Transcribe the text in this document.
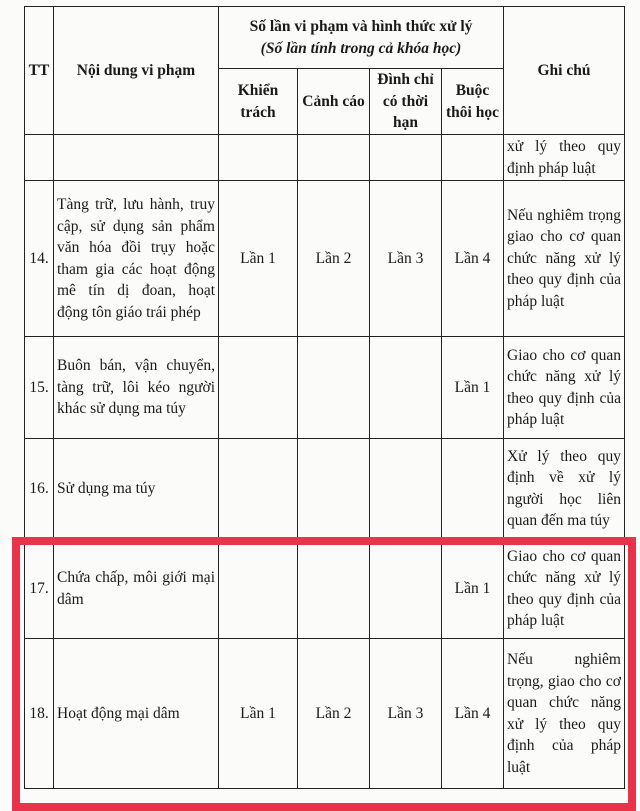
TT	Nội dung vi phạm	Số lần vi phạm và hình thức xử lý
(Số lần tính trong cả khóa học)				Ghi chú
		Khiển trách	Cảnh cáo	Đình chỉ có thời hạn	Buộc thôi học	
						xử lý theo quy định pháp luật
14.	Tàng trữ, lưu hành, truy cập, sử dụng sản phẩm văn hóa đồi trụy hoặc tham gia các hoạt động mê tín dị đoan, hoạt động tôn giáo trái phép	Lần 1	Lần 2	Lần 3	Lần 4	Nếu nghiêm trọng giao cho cơ quan chức năng xử lý theo quy định của pháp luật
15.	Buôn bán, vận chuyển, tàng trữ, lôi kéo người khác sử dụng ma túy				Lần 1	Giao cho cơ quan chức năng xử lý theo quy định của pháp luật
16.	Sử dụng ma túy					Xử lý theo quy định về xử lý người học liên quan đến ma túy
17.	Chứa chấp, môi giới mại dâm				Lần 1	Giao cho cơ quan chức năng xử lý theo quy định của pháp luật
18.	Hoạt động mại dâm	Lần 1	Lần 2	Lần 3	Lần 4	Nếu nghiêm trọng, giao cho cơ quan chức năng xử lý theo quy định của pháp luật
